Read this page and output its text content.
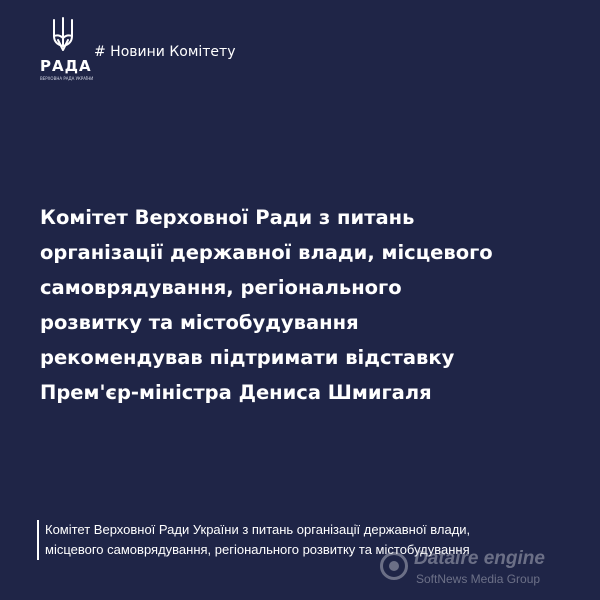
РАДА
ВЕРХОВНА РАДА УКРАЇНИ
# Новини Комітету
Комітет Верховної Ради з питань
організації державної влади, місцевого
самоврядування, регіонального
розвитку та містобудування
рекомендував підтримати відставку
Прем'єр-міністра Дениса Шмигаля
Комітет Верховної Ради України з питань організації державної влади,
місцевого самоврядування, регіонального розвитку та містобудування
Dataire engine
SoftNews Media Group
